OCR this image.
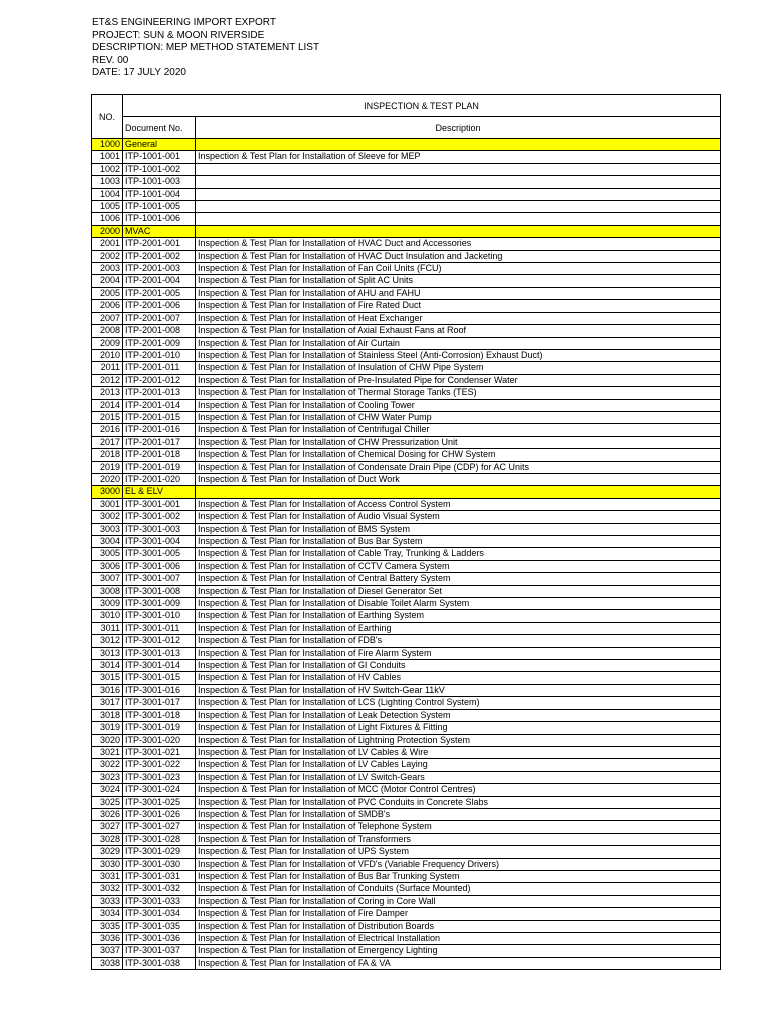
ET&S ENGINEERING IMPORT EXPORT
PROJECT: SUN & MOON RIVERSIDE
DESCRIPTION: MEP METHOD STATEMENT LIST
REV. 00
DATE: 17 JULY 2020
NO.	INSPECTION & TEST PLAN	
	Document No.	Description
1000	General	
1001	ITP-1001-001	Inspection & Test Plan for Installation of Sleeve for MEP
1002	ITP-1001-002	
1003	ITP-1001-003	
1004	ITP-1001-004	
1005	ITP-1001-005	
1006	ITP-1001-006	
2000	MVAC	
2001	ITP-2001-001	Inspection & Test Plan for Installation of HVAC Duct and Accessories
2002	ITP-2001-002	Inspection & Test Plan for Installation of HVAC Duct Insulation and Jacketing
2003	ITP-2001-003	Inspection & Test Plan for Installation of Fan Coil Units (FCU)
2004	ITP-2001-004	Inspection & Test Plan for Installation of Split AC Units
2005	ITP-2001-005	Inspection & Test Plan for Installation of AHU and FAHU
2006	ITP-2001-006	Inspection & Test Plan for Installation of Fire Rated Duct
2007	ITP-2001-007	Inspection & Test Plan for Installation of Heat Exchanger
2008	ITP-2001-008	Inspection & Test Plan for Installation of Axial Exhaust Fans at Roof
2009	ITP-2001-009	Inspection & Test Plan for Installation of Air Curtain
2010	ITP-2001-010	Inspection & Test Plan for Installation of Stainless Steel (Anti-Corrosion) Exhaust Duct)
2011	ITP-2001-011	Inspection & Test Plan for Installation of Insulation of CHW Pipe System
2012	ITP-2001-012	Inspection & Test Plan for Installation of Pre-Insulated Pipe for Condenser Water
2013	ITP-2001-013	Inspection & Test Plan for Installation of Thermal Storage Tanks (TES)
2014	ITP-2001-014	Inspection & Test Plan for Installation of Cooling Tower
2015	ITP-2001-015	Inspection & Test Plan for Installation of CHW Water Pump
2016	ITP-2001-016	Inspection & Test Plan for Installation of Centrifugal Chiller
2017	ITP-2001-017	Inspection & Test Plan for Installation of CHW Pressurization Unit
2018	ITP-2001-018	Inspection & Test Plan for Installation of Chemical Dosing for CHW System
2019	ITP-2001-019	Inspection & Test Plan for Installation of Condensate Drain Pipe (CDP) for AC Units
2020	ITP-2001-020	Inspection & Test Plan for Installation of Duct Work
3000	EL & ELV	
3001	ITP-3001-001	Inspection & Test Plan for Installation of Access Control System
3002	ITP-3001-002	Inspection & Test Plan for Installation of Audio Visual System
3003	ITP-3001-003	Inspection & Test Plan for Installation of BMS System
3004	ITP-3001-004	Inspection & Test Plan for Installation of Bus Bar System
3005	ITP-3001-005	Inspection & Test Plan for Installation of Cable Tray, Trunking & Ladders
3006	ITP-3001-006	Inspection & Test Plan for Installation of CCTV Camera System
3007	ITP-3001-007	Inspection & Test Plan for Installation of Central Battery System
3008	ITP-3001-008	Inspection & Test Plan for Installation of Diesel Generator Set
3009	ITP-3001-009	Inspection & Test Plan for Installation of Disable Toilet Alarm System
3010	ITP-3001-010	Inspection & Test Plan for Installation of Earthing System
3011	ITP-3001-011	Inspection & Test Plan for Installation of Earthing
3012	ITP-3001-012	Inspection & Test Plan for Installation of FDB's
3013	ITP-3001-013	Inspection & Test Plan for Installation of Fire Alarm System
3014	ITP-3001-014	Inspection & Test Plan for Installation of GI Conduits
3015	ITP-3001-015	Inspection & Test Plan for Installation of HV Cables
3016	ITP-3001-016	Inspection & Test Plan for Installation of HV Switch-Gear 11kV
3017	ITP-3001-017	Inspection & Test Plan for Installation of LCS (Lighting Control System)
3018	ITP-3001-018	Inspection & Test Plan for Installation of Leak Detection System
3019	ITP-3001-019	Inspection & Test Plan for Installation of Light Fixtures & Fitting
3020	ITP-3001-020	Inspection & Test Plan for Installation of Lightning Protection System
3021	ITP-3001-021	Inspection & Test Plan for Installation of LV Cables & Wire
3022	ITP-3001-022	Inspection & Test Plan for Installation of LV Cables Laying
3023	ITP-3001-023	Inspection & Test Plan for Installation of LV Switch-Gears
3024	ITP-3001-024	Inspection & Test Plan for Installation of MCC (Motor Control Centres)
3025	ITP-3001-025	Inspection & Test Plan for Installation of PVC Conduits in Concrete Slabs
3026	ITP-3001-026	Inspection & Test Plan for Installation of SMDB's
3027	ITP-3001-027	Inspection & Test Plan for Installation of Telephone System
3028	ITP-3001-028	Inspection & Test Plan for Installation of Transformers
3029	ITP-3001-029	Inspection & Test Plan for Installation of UPS System
3030	ITP-3001-030	Inspection & Test Plan for Installation of VFD's (Variable Frequency Drivers)
3031	ITP-3001-031	Inspection & Test Plan for Installation of Bus Bar Trunking System
3032	ITP-3001-032	Inspection & Test Plan for Installation of Conduits (Surface Mounted)
3033	ITP-3001-033	Inspection & Test Plan for Installation of Coring in Core Wall
3034	ITP-3001-034	Inspection & Test Plan for Installation of Fire Damper
3035	ITP-3001-035	Inspection & Test Plan for Installation of Distribution Boards
3036	ITP-3001-036	Inspection & Test Plan for Installation of Electrical Installation
3037	ITP-3001-037	Inspection & Test Plan for Installation of Emergency Lighting
3038	ITP-3001-038	Inspection & Test Plan for Installation of FA & VA
